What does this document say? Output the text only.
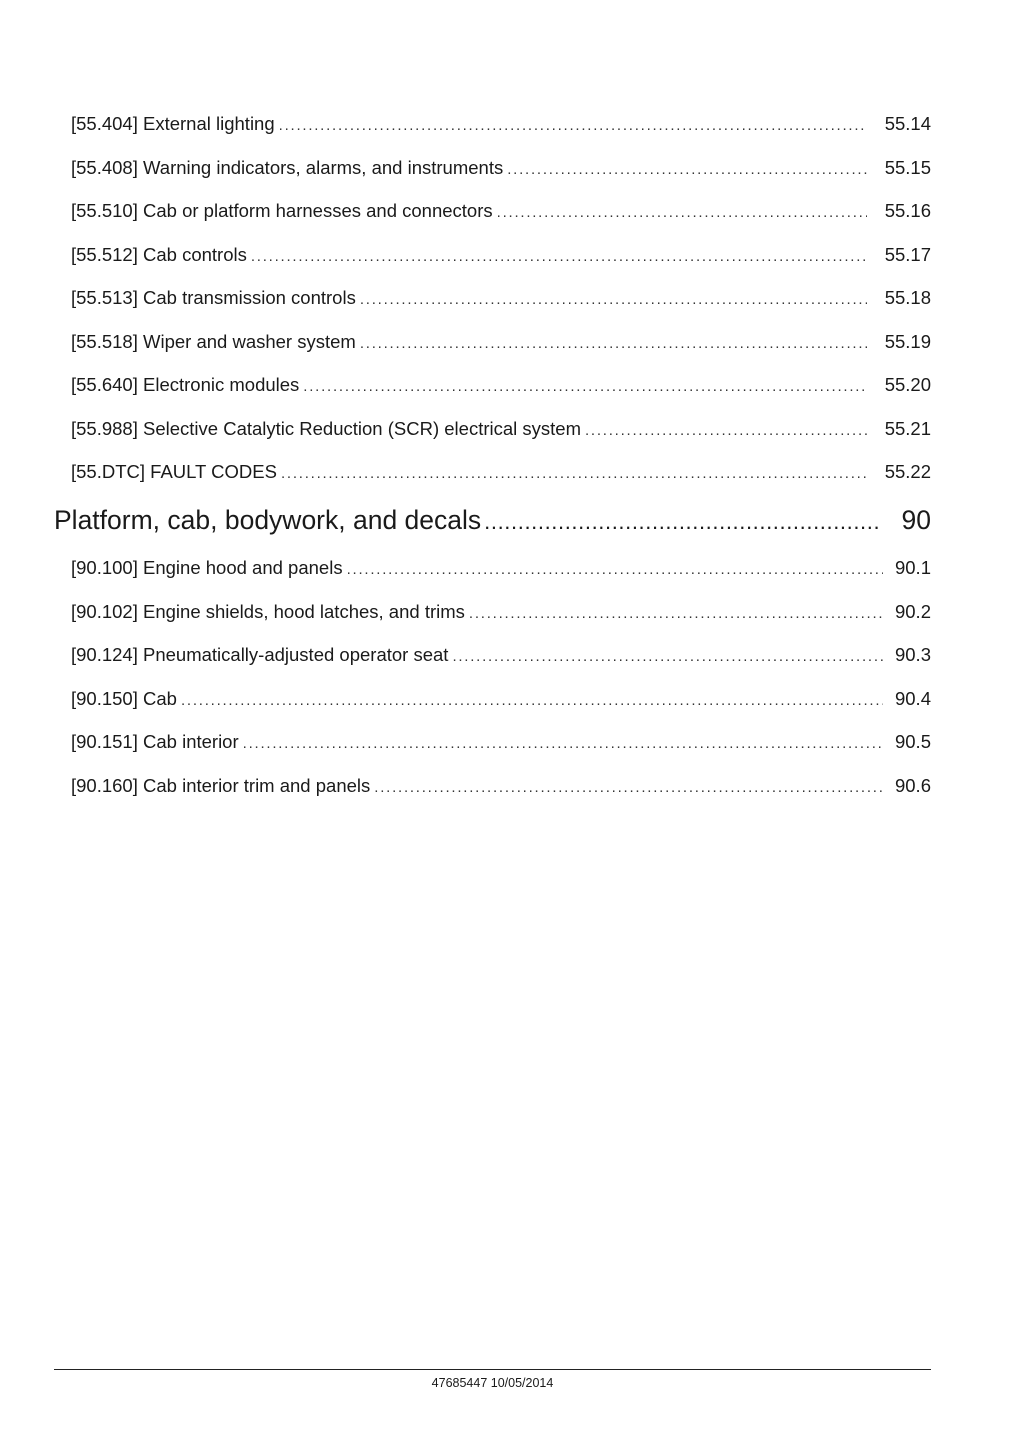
[55.404] External lighting . . .	55.14
[55.408] Warning indicators, alarms, and instruments . . .	55.15
[55.510] Cab or platform harnesses and connectors . . .	55.16
[55.512] Cab controls . . .	55.17
[55.513] Cab transmission controls . . .	55.18
[55.518] Wiper and washer system . . .	55.19
[55.640] Electronic modules . . .	55.20
[55.988] Selective Catalytic Reduction (SCR) electrical system . . .	55.21
[55.DTC] FAULT CODES . . .	55.22
Platform, cab, bodywork, and decals .....	90
[90.100] Engine hood and panels . . .	90.1
[90.102] Engine shields, hood latches, and trims . . .	90.2
[90.124] Pneumatically-adjusted operator seat . . .	90.3
[90.150] Cab . . .	90.4
[90.151] Cab interior . . .	90.5
[90.160] Cab interior trim and panels . . .	90.6
47685447 10/05/2014
